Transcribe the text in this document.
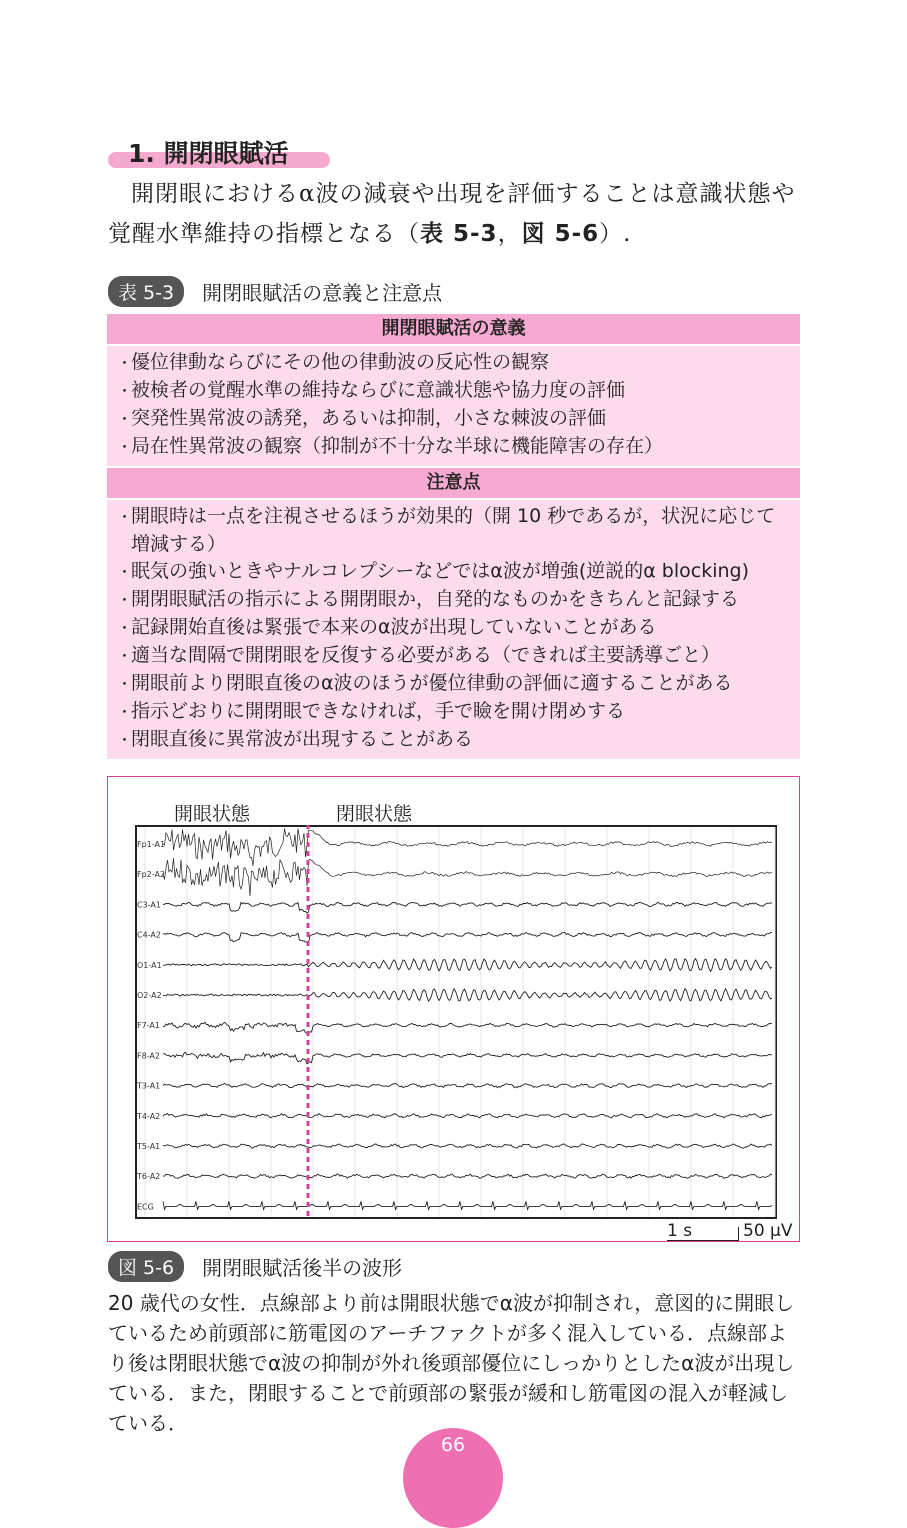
1. 開閉眼賦活

開閉眼におけるα波の減衰や出現を評価することは意識状態や覚醒水準維持の指標となる（表 5-3，図 5-6）.

表 5-3	開閉眼賦活の意義と注意点
開閉眼賦活の意義
・ 優位律動ならびにその他の律動波の反応性の観察
・ 被検者の覚醒水準の維持ならびに意識状態や協力度の評価
・ 突発性異常波の誘発，あるいは抑制，小さな棘波の評価
・ 局在性異常波の観察（抑制が不十分な半球に機能障害の存在）
注意点
・ 開眼時は一点を注視させるほうが効果的（開 10 秒であるが，状況に応じて増減する）
・ 眠気の強いときやナルコレプシーなどではα波が増強(逆説的α blocking)
・ 開閉眼賦活の指示による開閉眼か，自発的なものかをきちんと記録する
・ 記録開始直後は緊張で本来のα波が出現していないことがある
・ 適当な間隔で開閉眼を反復する必要がある（できれば主要誘導ごと）
・ 開眼前より閉眼直後のα波のほうが優位律動の評価に適することがある
・ 指示どおりに開閉眼できなければ，手で瞼を開け閉めする
・ 閉眼直後に異常波が出現することがある
開眼状態	閉眼状態
Fp1-A1
Fp2-A2
C3-A1
C4-A2
O1-A1
O2-A2
F7-A1
F8-A2
T3-A1
T4-A2
T5-A1
T6-A2
ECG
1 s	50 μV
図 5-6	開閉眼賦活後半の波形
20 歳代の女性．点線部より前は開眼状態でα波が抑制され，意図的に開眼しているため前頭部に筋電図のアーチファクトが多く混入している．点線部より後は閉眼状態でα波の抑制が外れ後頭部優位にしっかりとしたα波が出現している．また，閉眼することで前頭部の緊張が緩和し筋電図の混入が軽減している．
66
